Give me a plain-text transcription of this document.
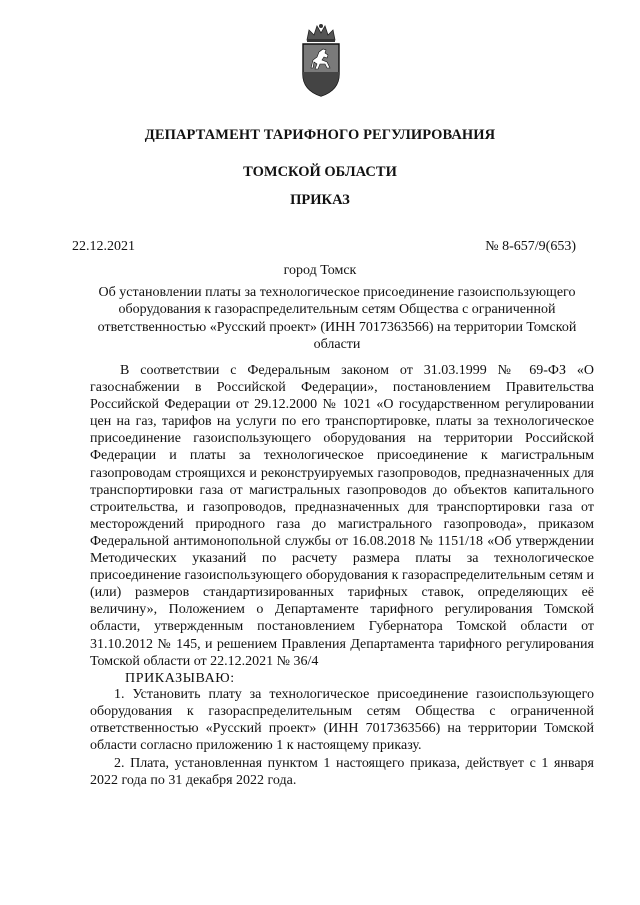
ДЕПАРТАМЕНТ ТАРИФНОГО РЕГУЛИРОВАНИЯ
ТОМСКОЙ ОБЛАСТИ
ПРИКАЗ
22.12.2021	№ 8-657/9(653)
город Томск
Об установлении платы за технологическое присоединение газоиспользующего оборудования к газораспределительным сетям Общества с ограниченной ответственностью «Русский проект» (ИНН 7017363566) на территории Томской области

В соответствии с Федеральным законом от 31.03.1999 № 69-ФЗ «О газоснабжении в Российской Федерации», постановлением Правительства Российской Федерации от 29.12.2000 № 1021 «О государственном регулировании цен на газ, тарифов на услуги по его транспортировке, платы за технологическое присоединение газоиспользующего оборудования на территории Российской Федерации и платы за технологическое присоединение к магистральным газопроводам строящихся и реконструируемых газопроводов, предназначенных для транспортировки газа от магистральных газопроводов до объектов капитального строительства, и газопроводов, предназначенных для транспортировки газа от месторождений природного газа до магистрального газопровода», приказом Федеральной антимонопольной службы от 16.08.2018 № 1151/18 «Об утверждении Методических указаний по расчету размера платы за технологическое присоединение газоиспользующего оборудования к газораспределительным сетям и (или) размеров стандартизированных тарифных ставок, определяющих её величину», Положением о Департаменте тарифного регулирования Томской области, утвержденным постановлением Губернатора Томской области от 31.10.2012 № 145, и решением Правления Департамента тарифного регулирования Томской области от 22.12.2021 № 36/4

ПРИКАЗЫВАЮ:

1. Установить плату за технологическое присоединение газоиспользующего оборудования к газораспределительным сетям Общества с ограниченной ответственностью «Русский проект» (ИНН 7017363566) на территории Томской области согласно приложению 1 к настоящему приказу.

2. Плата, установленная пунктом 1 настоящего приказа, действует с 1 января 2022 года по 31 декабря 2022 года.
